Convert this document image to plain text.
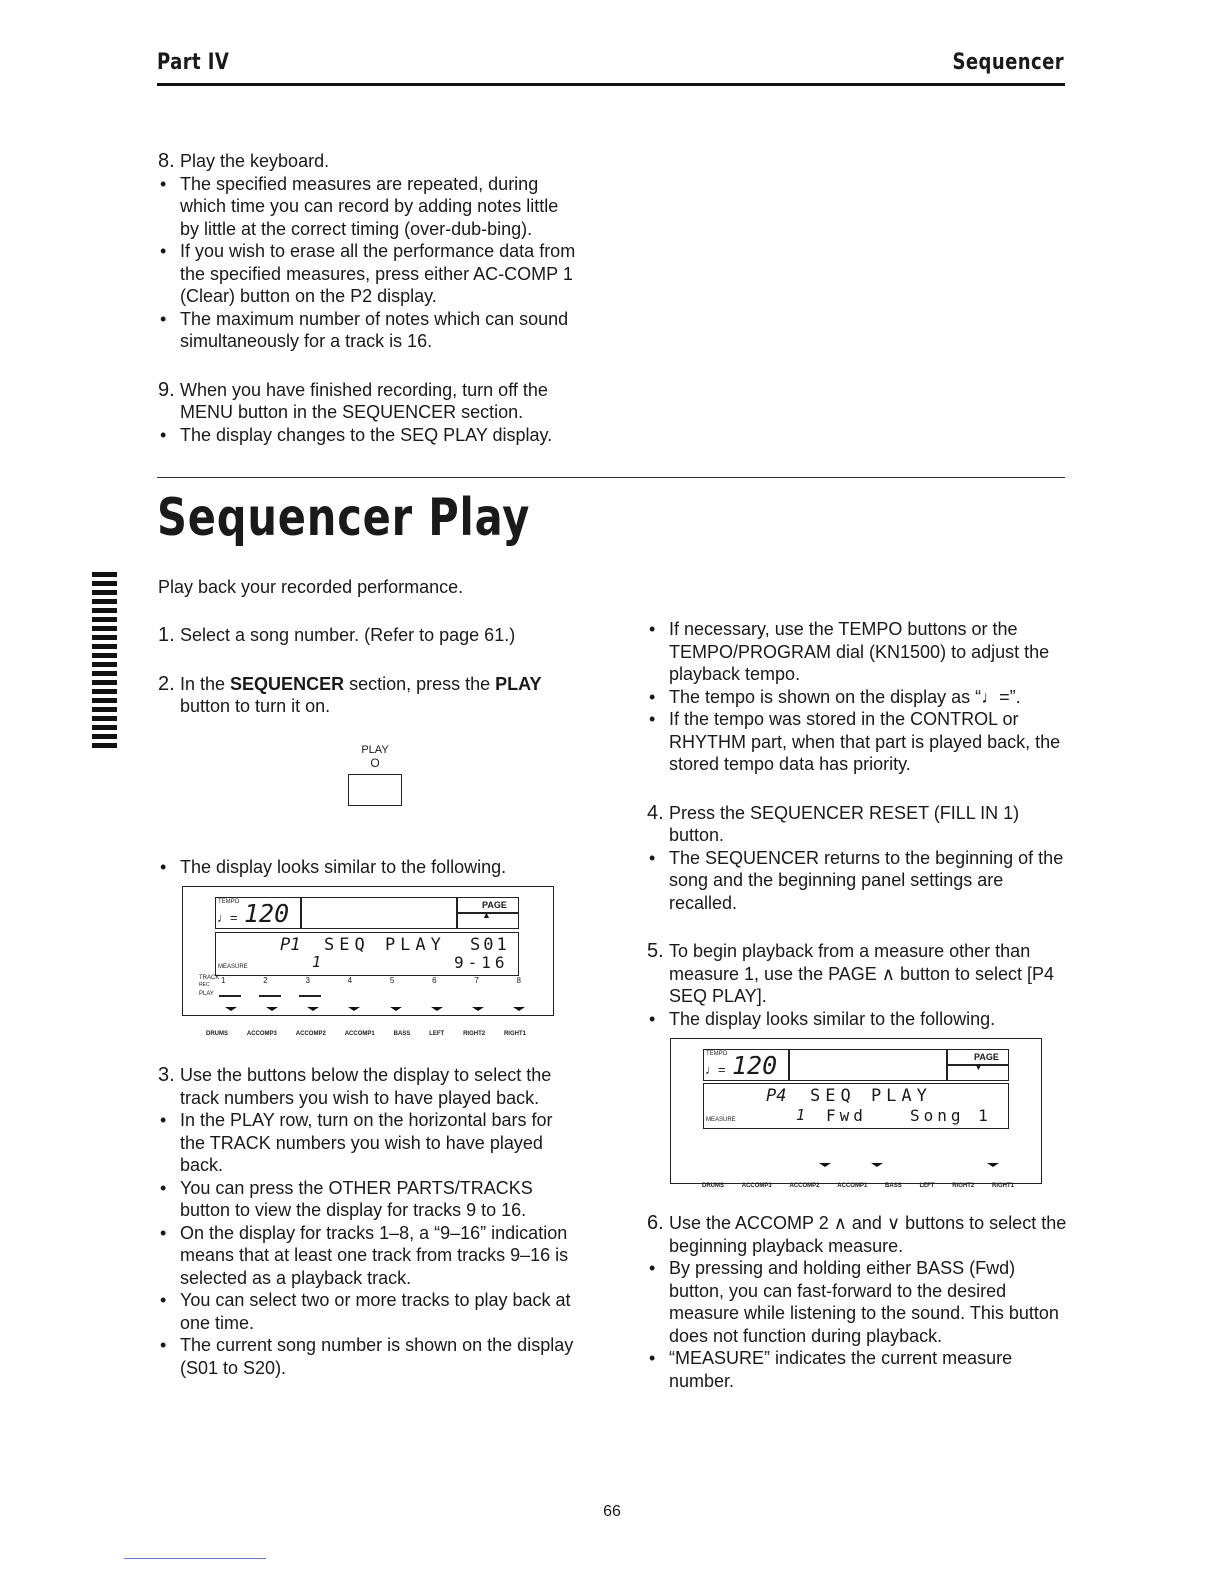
Part IV	Sequencer
8. Play the keyboard.
• The specified measures are repeated, during which time you can record by adding notes little by little at the correct timing (over-dub-bing).
• If you wish to erase all the performance data from the specified measures, press either AC-COMP 1 (Clear) button on the P2 display.
• The maximum number of notes which can sound simultaneously for a track is 16.
9. When you have finished recording, turn off the MENU button in the SEQUENCER section.
• The display changes to the SEQ PLAY display.
Sequencer Play
Play back your recorded performance.
1. Select a song number. (Refer to page 61.)
2. In the SEQUENCER section, press the PLAY button to turn it on.
PLAY
O
• The display looks similar to the following.
TEMPO
♩= 120	PAGE ▲
P1 SEQ PLAY S01
MEASURE	1	9-16
TRACK
REC
PLAY
1	2	3	4	5	6	7	8
DRUMS	ACCOMP3	ACCOMP2	ACCOMP1	BASS	LEFT	RIGHT2	RIGHT1
3. Use the buttons below the display to select the track numbers you wish to have played back.
• In the PLAY row, turn on the horizontal bars for the TRACK numbers you wish to have played back.
• You can press the OTHER PARTS/TRACKS button to view the display for tracks 9 to 16.
• On the display for tracks 1–8, a “9–16” indication means that at least one track from tracks 9–16 is selected as a playback track.
• You can select two or more tracks to play back at one time.
• The current song number is shown on the display (S01 to S20).
• If necessary, use the TEMPO buttons or the TEMPO/PROGRAM dial (KN1500) to adjust the playback tempo.
• The tempo is shown on the display as “♩=”.
• If the tempo was stored in the CONTROL or RHYTHM part, when that part is played back, the stored tempo data has priority.
4. Press the SEQUENCER RESET (FILL IN 1) button.
• The SEQUENCER returns to the beginning of the song and the beginning panel settings are recalled.
5. To begin playback from a measure other than measure 1, use the PAGE ∧ button to select [P4 SEQ PLAY].
• The display looks similar to the following.
TEMPO
♩= 120	PAGE ▼
P4 SEQ PLAY
MEASURE	1 Fwd	Song 1
DRUMS	ACCOMP3	ACCOMP2	ACCOMP1	BASS	LEFT	RIGHT2	RIGHT1
6. Use the ACCOMP 2 ∧ and ∨ buttons to select the beginning playback measure.
• By pressing and holding either BASS (Fwd) button, you can fast-forward to the desired measure while listening to the sound. This button does not function during playback.
• “MEASURE” indicates the current measure number.
66
